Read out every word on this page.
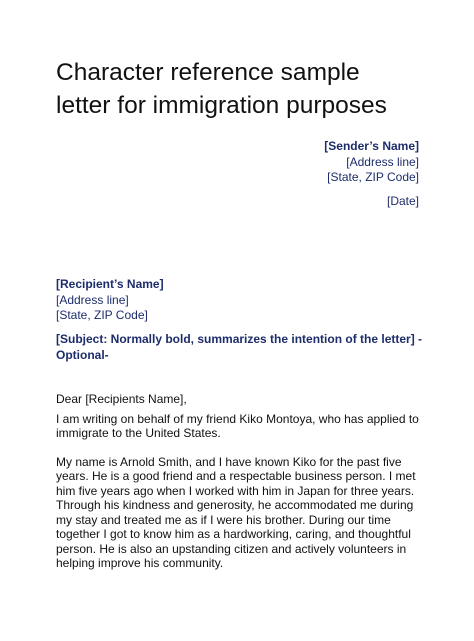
Character reference sample
letter for immigration purposes
[Sender’s Name]
[Address line]
[State, ZIP Code]
[Date]
[Recipient’s Name]
[Address line]
[State, ZIP Code]
[Subject: Normally bold, summarizes the intention of the letter] -
Optional-

Dear [Recipients Name],

I am writing on behalf of my friend Kiko Montoya, who has applied to
immigrate to the United States.

My name is Arnold Smith, and I have known Kiko for the past five
years. He is a good friend and a respectable business person. I met
him five years ago when I worked with him in Japan for three years.
Through his kindness and generosity, he accommodated me during
my stay and treated me as if I were his brother. During our time
together I got to know him as a hardworking, caring, and thoughtful
person. He is also an upstanding citizen and actively volunteers in
helping improve his community.
